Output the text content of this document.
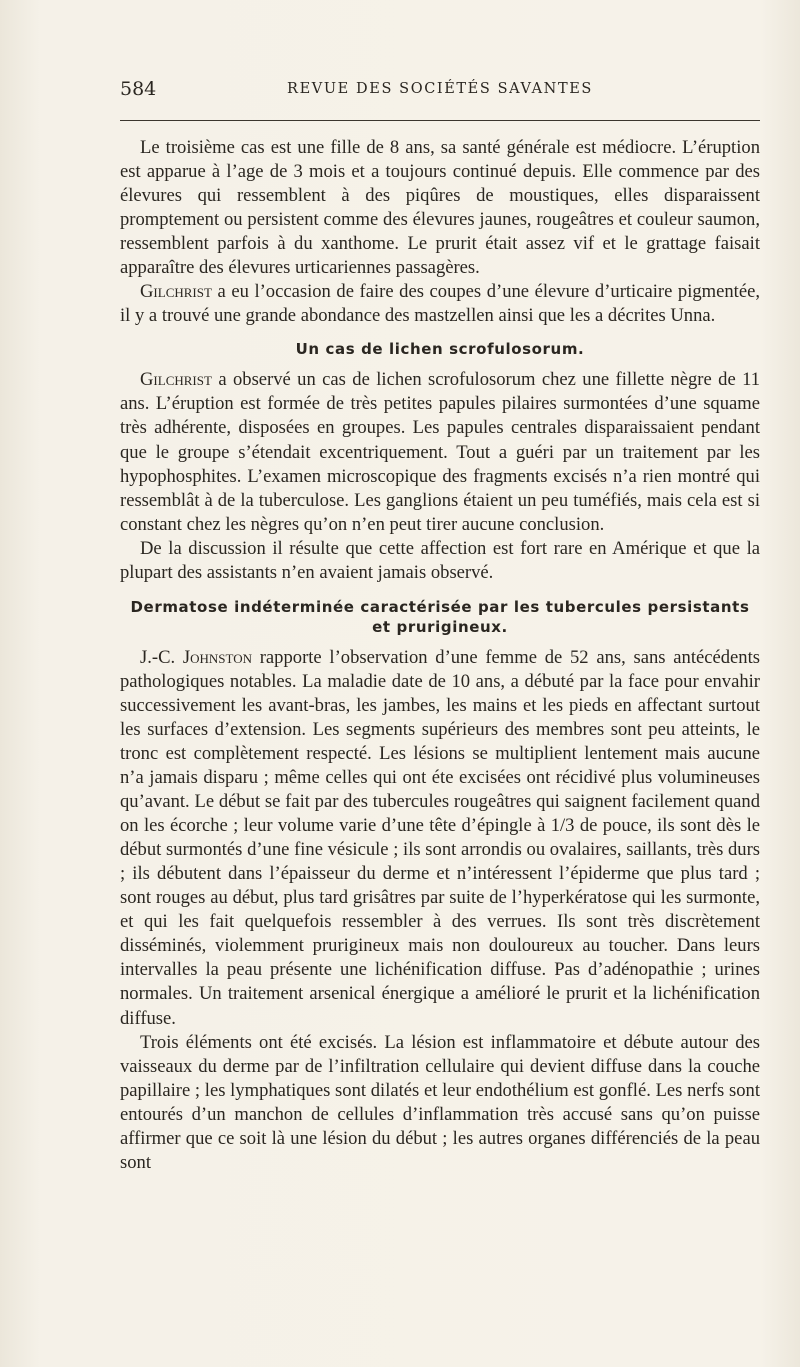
584	REVUE DES SOCIÉTÉS SAVANTES

Le troisième cas est une fille de 8 ans, sa santé générale est médiocre. L’éruption est apparue à l’age de 3 mois et a toujours continué depuis. Elle commence par des élevures qui ressemblent à des piqûres de moustiques, elles disparaissent promptement ou persistent comme des élevures jaunes, rougeâtres et couleur saumon, ressemblent parfois à du xanthome. Le prurit était assez vif et le grattage faisait apparaître des élevures urticariennes passagères.

Gilchrist a eu l’occasion de faire des coupes d’une élevure d’urticaire pigmentée, il y a trouvé une grande abondance des mastzellen ainsi que les a décrites Unna.

Un cas de lichen scrofulosorum.

Gilchrist a observé un cas de lichen scrofulosorum chez une fillette nègre de 11 ans. L’éruption est formée de très petites papules pilaires surmontées d’une squame très adhérente, disposées en groupes. Les papules centrales disparaissaient pendant que le groupe s’étendait excentriquement. Tout a guéri par un traitement par les hypophosphites. L’examen microscopique des fragments excisés n’a rien montré qui ressemblât à de la tuberculose. Les ganglions étaient un peu tuméfiés, mais cela est si constant chez les nègres qu’on n’en peut tirer aucune conclusion.

De la discussion il résulte que cette affection est fort rare en Amérique et que la plupart des assistants n’en avaient jamais observé.

Dermatose indéterminée caractérisée par les tubercules persistants et prurigineux.

J.-C. Johnston rapporte l’observation d’une femme de 52 ans, sans antécédents pathologiques notables. La maladie date de 10 ans, a débuté par la face pour envahir successivement les avant-bras, les jambes, les mains et les pieds en affectant surtout les surfaces d’extension. Les segments supérieurs des membres sont peu atteints, le tronc est complètement respecté. Les lésions se multiplient lentement mais aucune n’a jamais disparu ; même celles qui ont éte excisées ont récidivé plus volumineuses qu’avant. Le début se fait par des tubercules rougeâtres qui saignent facilement quand on les écorche ; leur volume varie d’une tête d’épingle à 1/3 de pouce, ils sont dès le début surmontés d’une fine vésicule ; ils sont arrondis ou ovalaires, saillants, très durs ; ils débutent dans l’épaisseur du derme et n’intéressent l’épiderme que plus tard ; sont rouges au début, plus tard grisâtres par suite de l’hyperkératose qui les surmonte, et qui les fait quelquefois ressembler à des verrues. Ils sont très discrètement disséminés, violemment prurigineux mais non douloureux au toucher. Dans leurs intervalles la peau présente une lichénification diffuse. Pas d’adénopathie ; urines normales. Un traitement arsenical énergique a amélioré le prurit et la lichénification diffuse.

Trois éléments ont été excisés. La lésion est inflammatoire et débute autour des vaisseaux du derme par de l’infiltration cellulaire qui devient diffuse dans la couche papillaire ; les lymphatiques sont dilatés et leur endothélium est gonflé. Les nerfs sont entourés d’un manchon de cellules d’inflammation très accusé sans qu’on puisse affirmer que ce soit là une lésion du début ; les autres organes différenciés de la peau sont
